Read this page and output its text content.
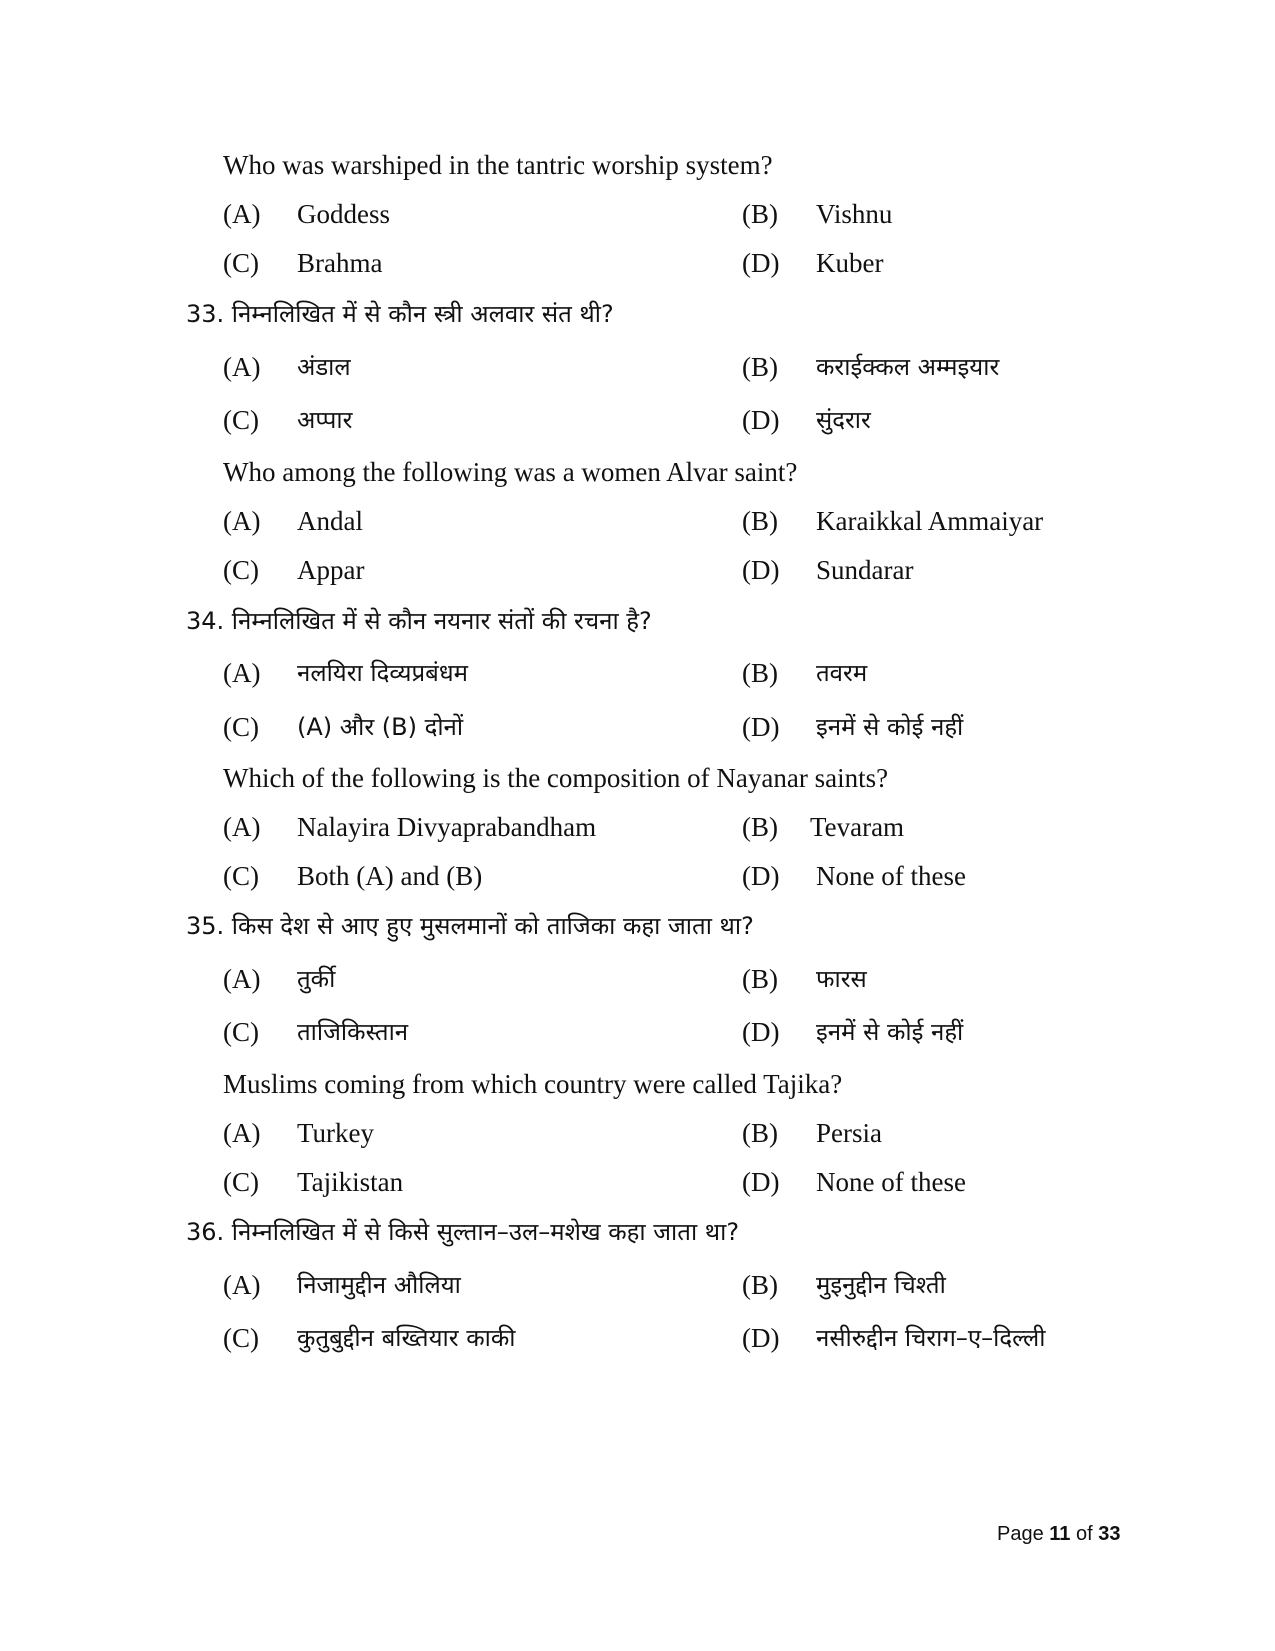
Who was warshiped in the tantric worship system?
(A) Goddess	(B) Vishnu
(C) Brahma	(D) Kuber
33. निम्नलिखित में से कौन स्त्री अलवार संत थी?
(A) अंडाल	(B) कराईक्कल अम्मइयार
(C) अप्पार	(D) सुंदरार
Who among the following was a women Alvar saint?
(A) Andal	(B) Karaikkal Ammaiyar
(C) Appar	(D) Sundarar
34. निम्नलिखित में से कौन नयनार संतों की रचना है?
(A) नलयिरा दिव्यप्रबंधम	(B) तवरम
(C) (A) और (B) दोनों	(D) इनमें से कोई नहीं
Which of the following is the composition of Nayanar saints?
(A) Nalayira Divyaprabandham	(B) Tevaram
(C) Both (A) and (B)	(D) None of these
35. किस देश से आए हुए मुसलमानों को ताजिका कहा जाता था?
(A) तुर्की	(B) फारस
(C) ताजिकिस्तान	(D) इनमें से कोई नहीं
Muslims coming from which country were called Tajika?
(A) Turkey	(B) Persia
(C) Tajikistan	(D) None of these
36. निम्नलिखित में से किसे सुल्तान–उल–मशेख कहा जाता था?
(A) निजामुद्दीन औलिया	(B) मुइनुद्दीन चिश्ती
(C) कुतुबुद्दीन बख्तियार काकी	(D) नसीरुद्दीन चिराग–ए–दिल्ली
Page 11 of 33
